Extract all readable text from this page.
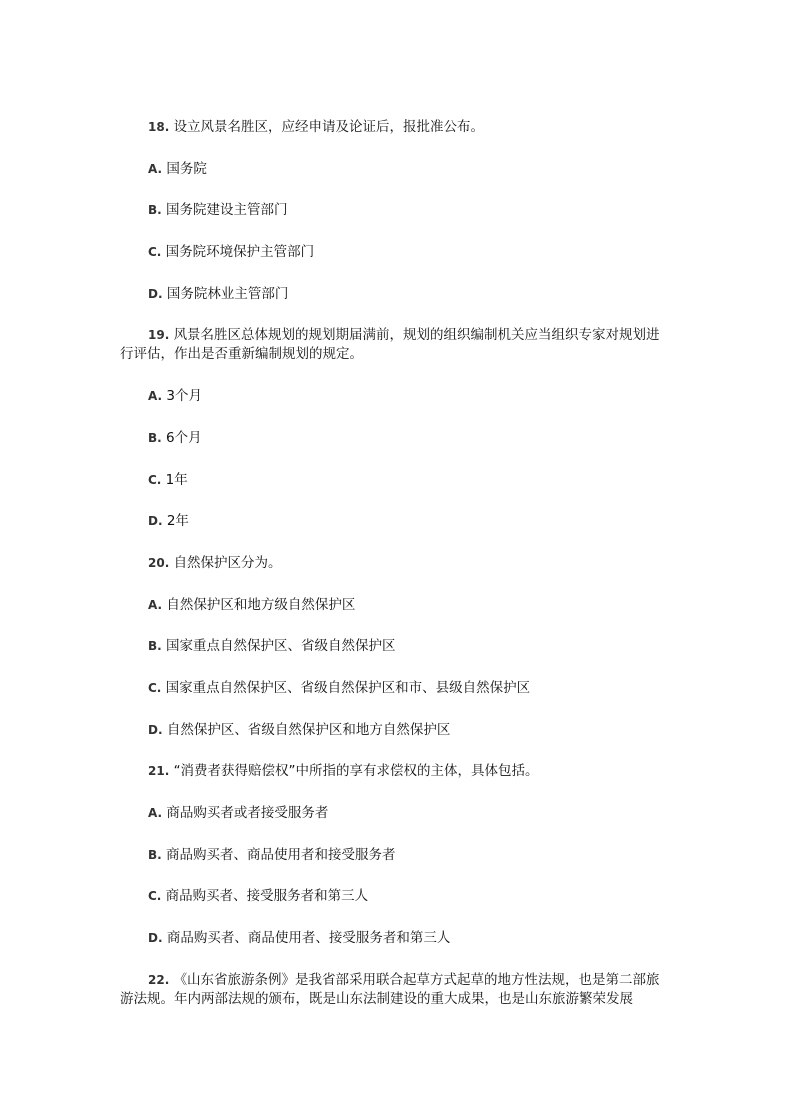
18. 设立风景名胜区，应经申请及论证后，报批准公布。

A. 国务院

B. 国务院建设主管部门

C. 国务院环境保护主管部门

D. 国务院林业主管部门

19. 风景名胜区总体规划的规划期届满前，规划的组织编制机关应当组织专家对规划进行评估，作出是否重新编制规划的规定。

A. 3个月

B. 6个月

C. 1年

D. 2年

20. 自然保护区分为。

A. 自然保护区和地方级自然保护区

B. 国家重点自然保护区、省级自然保护区

C. 国家重点自然保护区、省级自然保护区和市、县级自然保护区

D. 自然保护区、省级自然保护区和地方自然保护区

21. “消费者获得赔偿权”中所指的享有求偿权的主体，具体包括。

A. 商品购买者或者接受服务者

B. 商品购买者、商品使用者和接受服务者

C. 商品购买者、接受服务者和第三人

D. 商品购买者、商品使用者、接受服务者和第三人

22. 《山东省旅游条例》是我省部采用联合起草方式起草的地方性法规，也是第二部旅游法规。年内两部法规的颁布，既是山东法制建设的重大成果，也是山东旅游繁荣发展
